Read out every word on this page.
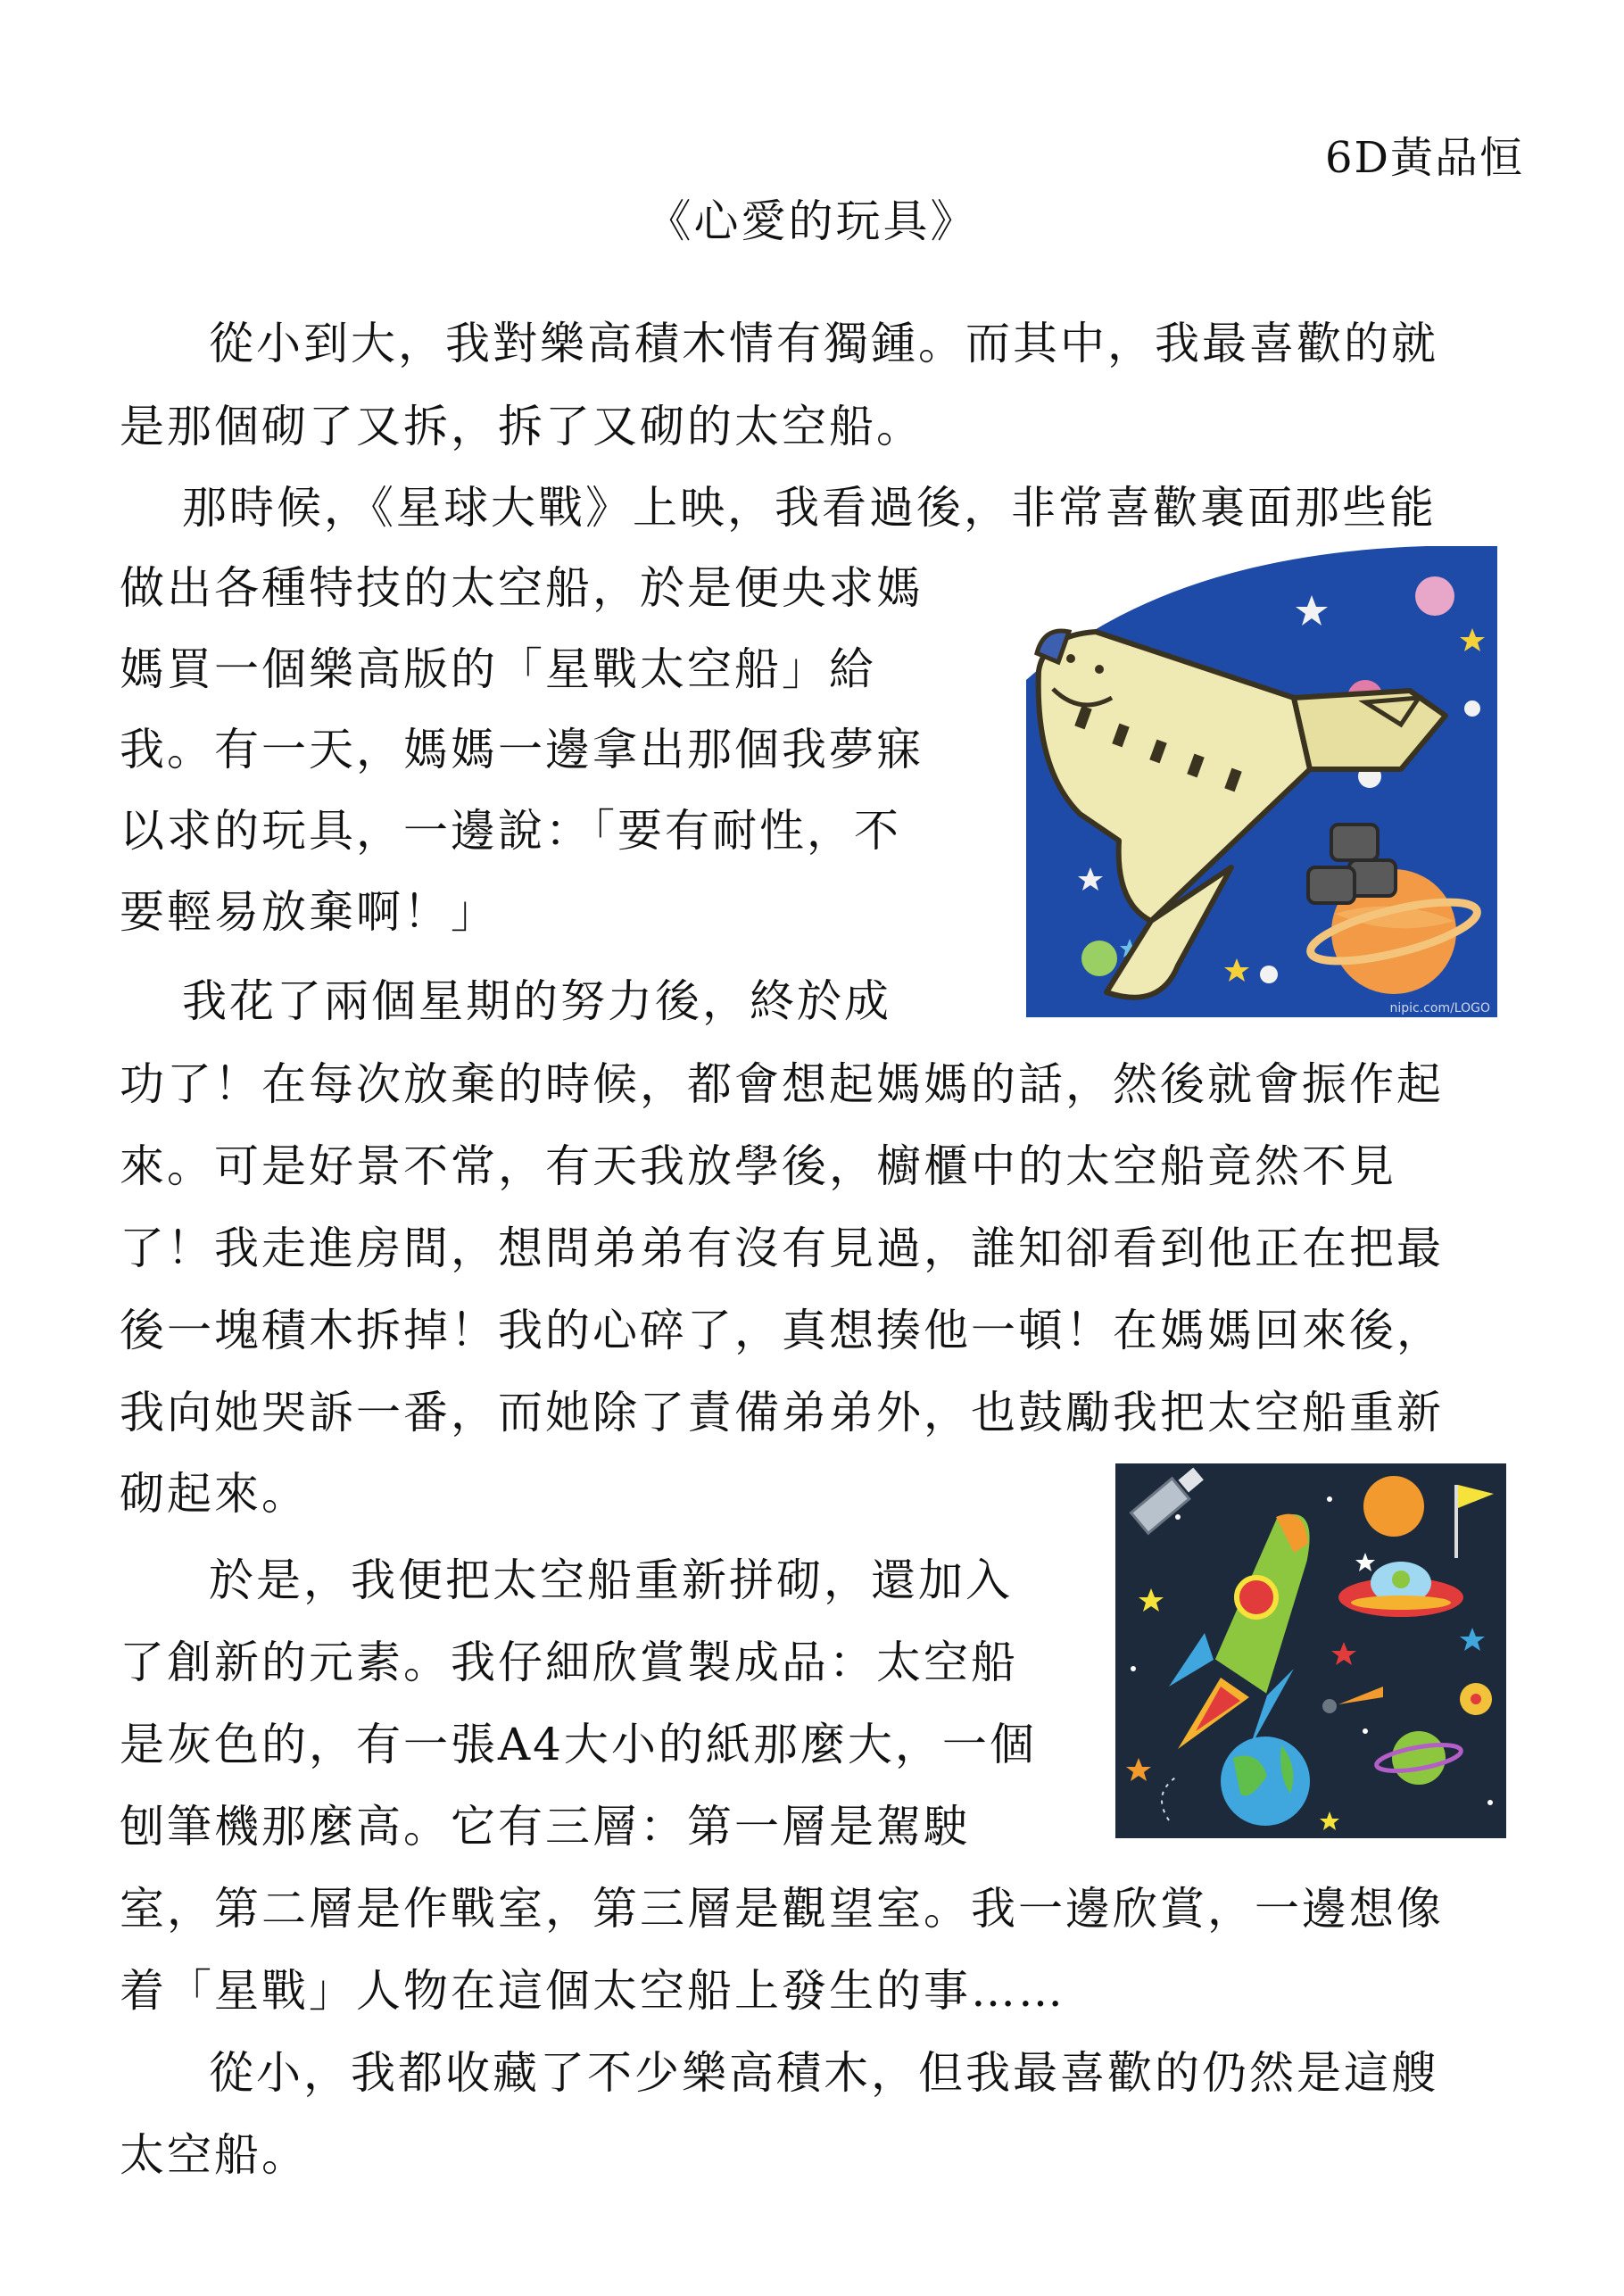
6D黃品恒
《心愛的玩具》
從小到大，我對樂高積木情有獨鍾。而其中，我最喜歡的就
是那個砌了又拆，拆了又砌的太空船。
那時候，《星球大戰》上映，我看過後，非常喜歡裏面那些能
做出各種特技的太空船，於是便央求媽
媽買一個樂高版的「星戰太空船」給
我。有一天，媽媽一邊拿出那個我夢寐
以求的玩具，一邊說：「要有耐性，不
要輕易放棄啊！」
我花了兩個星期的努力後，終於成
功了！在每次放棄的時候，都會想起媽媽的話，然後就會振作起
來。可是好景不常，有天我放學後，櫥櫃中的太空船竟然不見
了！我走進房間，想問弟弟有沒有見過，誰知卻看到他正在把最
後一塊積木拆掉！我的心碎了，真想揍他一頓！在媽媽回來後，
我向她哭訴一番，而她除了責備弟弟外，也鼓勵我把太空船重新
砌起來。
於是，我便把太空船重新拼砌，還加入
了創新的元素。我仔細欣賞製成品：太空船
是灰色的，有一張A4大小的紙那麼大，一個
刨筆機那麼高。它有三層：第一層是駕駛
室，第二層是作戰室，第三層是觀望室。我一邊欣賞，一邊想像
着「星戰」人物在這個太空船上發生的事……
從小，我都收藏了不少樂高積木，但我最喜歡的仍然是這艘
太空船。
nipic.com/LOGO
